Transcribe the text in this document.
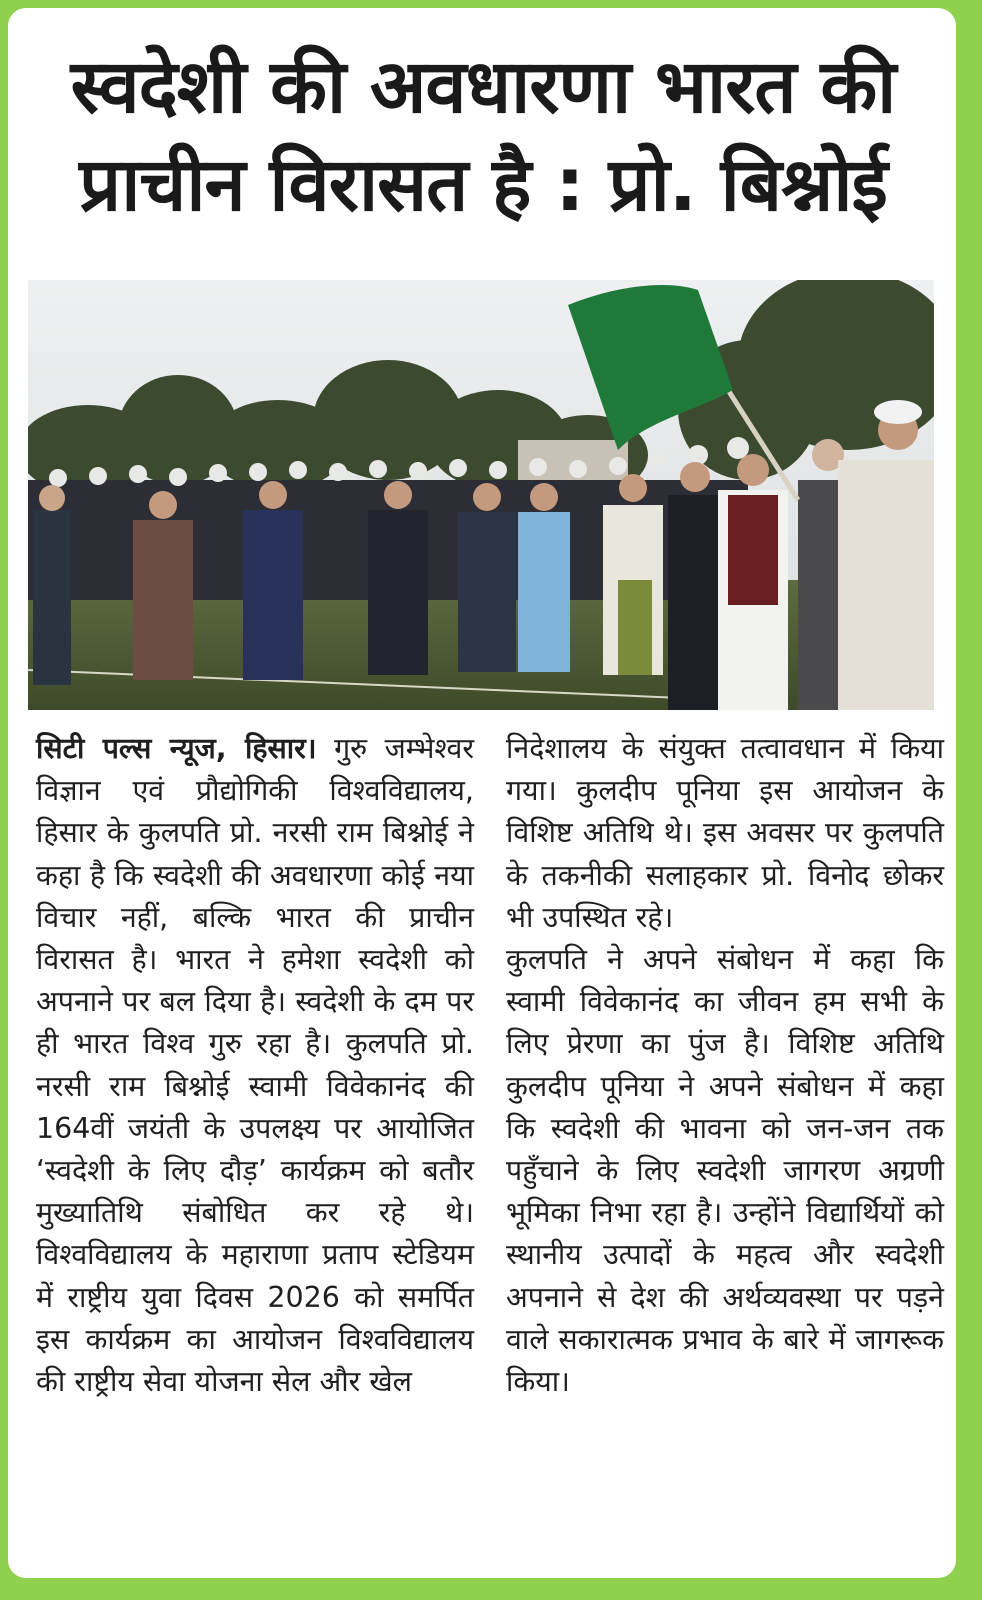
स्वदेशी की अवधारणा भारत की
प्राचीन विरासत है : प्रो. बिश्नोई

सिटी पल्स न्यूज, हिसार। गुरु जम्भेश्वर विज्ञान एवं प्रौद्योगिकी विश्वविद्यालय, हिसार के कुलपति प्रो. नरसी राम बिश्नोई ने कहा है कि स्वदेशी की अवधारणा कोई नया विचार नहीं, बल्कि भारत की प्राचीन विरासत है। भारत ने हमेशा स्वदेशी को अपनाने पर बल दिया है। स्वदेशी के दम पर ही भारत विश्व गुरु रहा है। कुलपति प्रो. नरसी राम बिश्नोई स्वामी विवेकानंद की 164वीं जयंती के उपलक्ष्य पर आयोजित ‘स्वदेशी के लिए दौड़’ कार्यक्रम को बतौर मुख्यातिथि संबोधित कर रहे थे। विश्वविद्यालय के महाराणा प्रताप स्टेडियम में राष्ट्रीय युवा दिवस 2026 को समर्पित इस कार्यक्रम का आयोजन विश्वविद्यालय की राष्ट्रीय सेवा योजना सेल और खेल

निदेशालय के संयुक्त तत्वावधान में किया गया। कुलदीप पूनिया इस आयोजन के विशिष्ट अतिथि थे। इस अवसर पर कुलपति के तकनीकी सलाहकार प्रो. विनोद छोकर भी उपस्थित रहे।

कुलपति ने अपने संबोधन में कहा कि स्वामी विवेकानंद का जीवन हम सभी के लिए प्रेरणा का पुंज है। विशिष्ट अतिथि कुलदीप पूनिया ने अपने संबोधन में कहा कि स्वदेशी की भावना को जन-जन तक पहुँचाने के लिए स्वदेशी जागरण अग्रणी भूमिका निभा रहा है। उन्होंने विद्यार्थियों को स्थानीय उत्पादों के महत्व और स्वदेशी अपनाने से देश की अर्थव्यवस्था पर पड़ने वाले सकारात्मक प्रभाव के बारे में जागरूक किया।
